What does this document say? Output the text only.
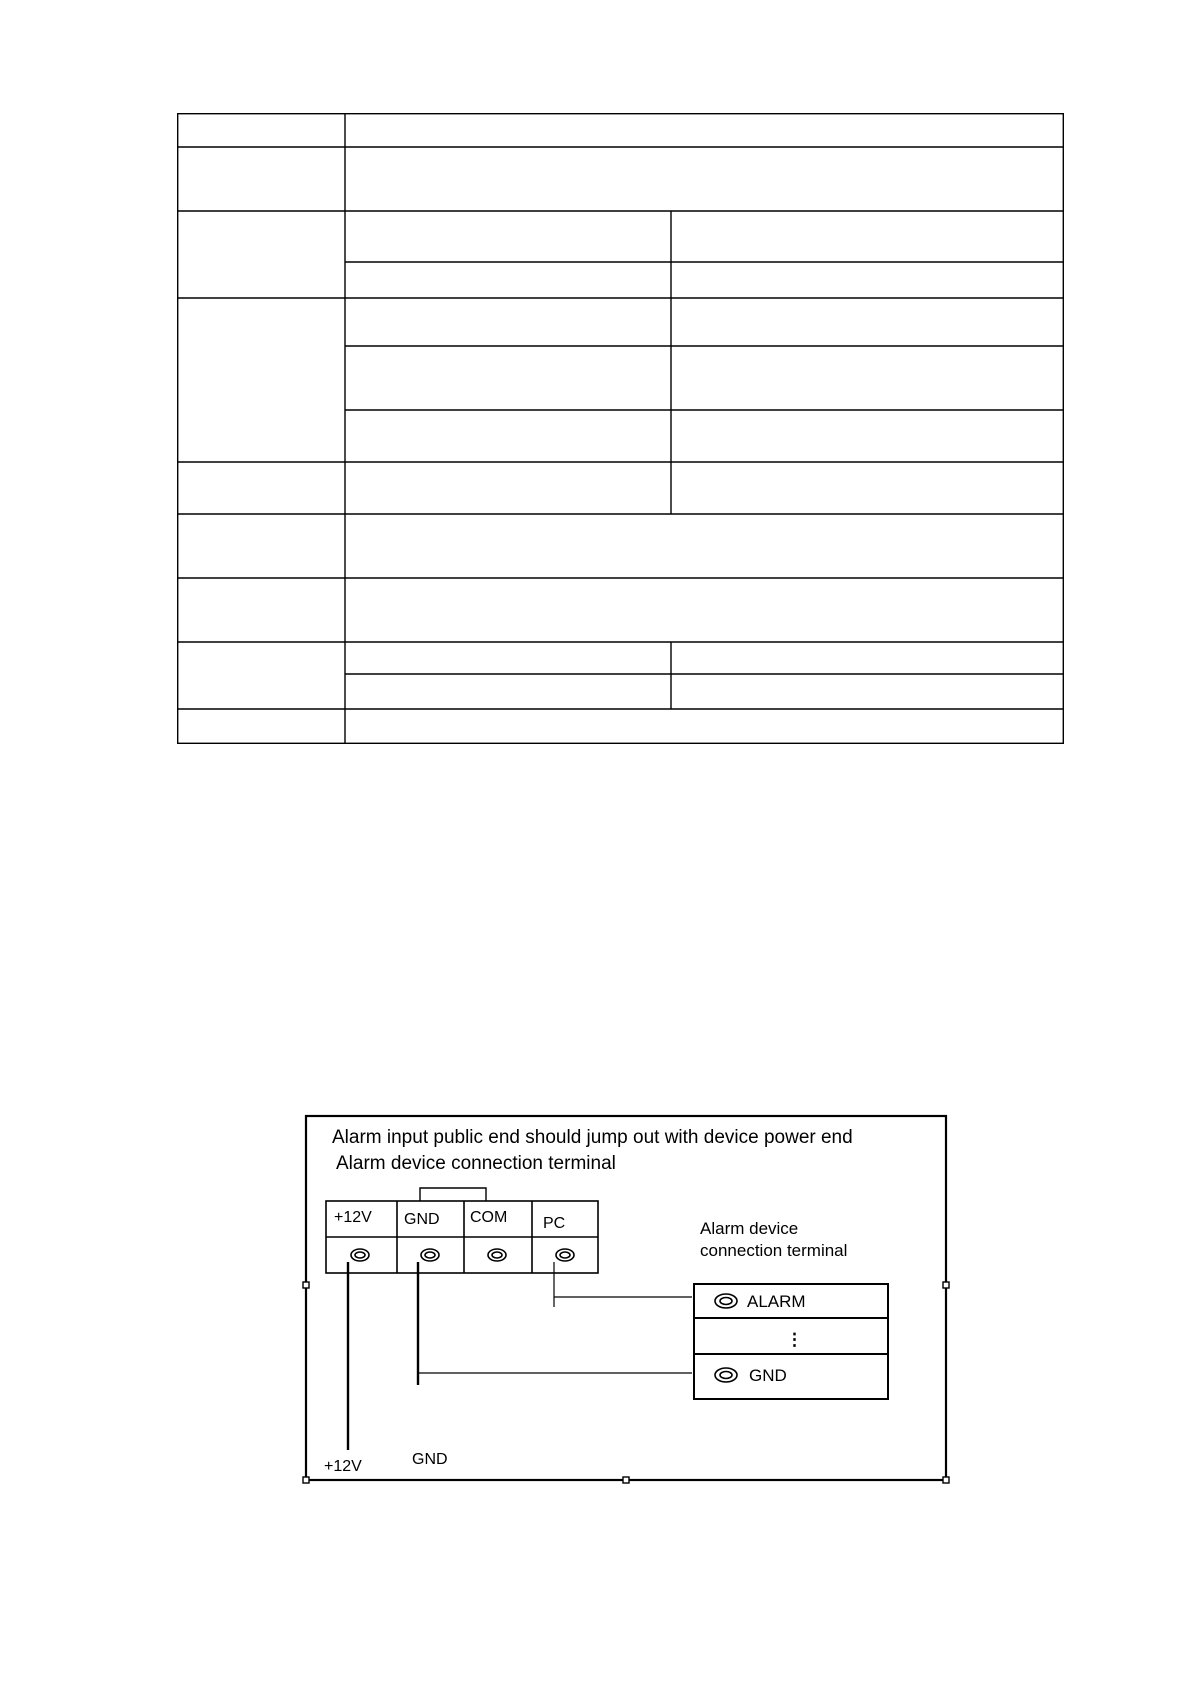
Alarm input public end should jump out with device power end
Alarm device connection terminal
+12V GND COM PC	Alarm device
connection terminal
ALARM
⋮
GND
+12V	GND
